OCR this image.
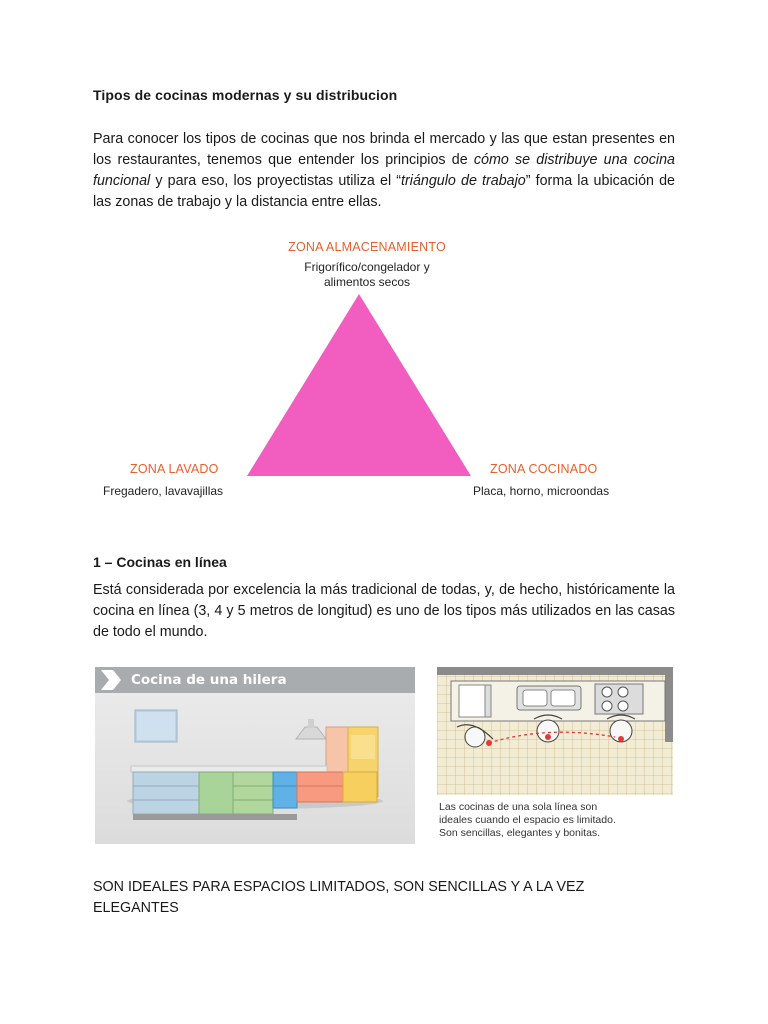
Tipos de cocinas modernas y su distribucion

Para conocer los tipos de cocinas que nos brinda el mercado y las que estan presentes en los restaurantes, tenemos que entender los principios de cómo se distribuye una cocina funcional y para eso, los proyectistas utiliza el “triángulo de trabajo” forma la ubicación de las zonas de trabajo y la distancia entre ellas.

ZONA ALMACENAMIENTO
Frigorífico/congelador y
alimentos secos
ZONA LAVADO
Fregadero, lavavajillas
ZONA COCINADO
Placa, horno, microondas
1 – Cocinas en línea

Está considerada por excelencia la más tradicional de todas, y, de hecho, históricamente la cocina en línea (3, 4 y 5 metros de longitud) es uno de los tipos más utilizados en las casas de todo el mundo.

Cocina de una hilera
Las cocinas de una sola línea son
ideales cuando el espacio es limitado.
Son sencillas, elegantes y bonitas.
SON IDEALES PARA ESPACIOS LIMITADOS, SON SENCILLAS Y A LA VEZ ELEGANTES
